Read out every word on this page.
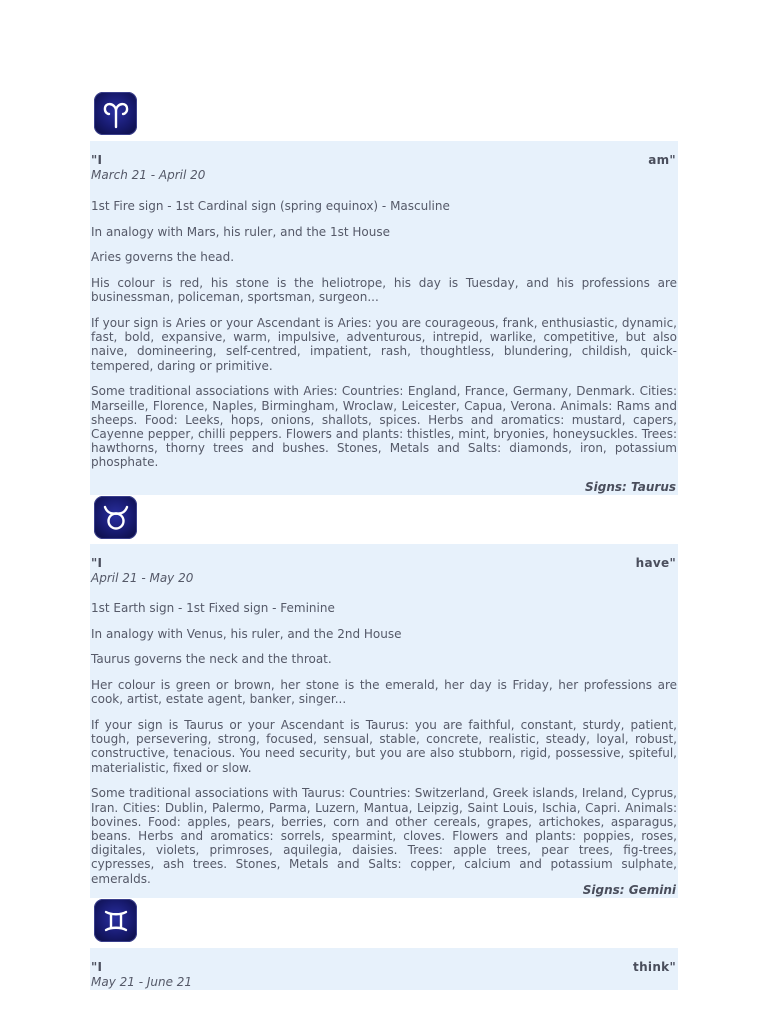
"I	am"
March 21 - April 20

1st Fire sign - 1st Cardinal sign (spring equinox) - Masculine

In analogy with Mars, his ruler, and the 1st House

Aries governs the head.

His colour is red, his stone is the heliotrope, his day is Tuesday, and his professions are businessman, policeman, sportsman, surgeon...

If your sign is Aries or your Ascendant is Aries: you are courageous, frank, enthusiastic, dynamic, fast, bold, expansive, warm, impulsive, adventurous, intrepid, warlike, competitive, but also naive, domineering, self-centred, impatient, rash, thoughtless, blundering, childish, quick-tempered, daring or primitive.

Some traditional associations with Aries: Countries: England, France, Germany, Denmark. Cities: Marseille, Florence, Naples, Birmingham, Wroclaw, Leicester, Capua, Verona. Animals: Rams and sheeps. Food: Leeks, hops, onions, shallots, spices. Herbs and aromatics: mustard, capers, Cayenne pepper, chilli peppers. Flowers and plants: thistles, mint, bryonies, honeysuckles. Trees: hawthorns, thorny trees and bushes. Stones, Metals and Salts: diamonds, iron, potassium phosphate.

Signs: Taurus
"I	have"
April 21 - May 20

1st Earth sign - 1st Fixed sign - Feminine

In analogy with Venus, his ruler, and the 2nd House

Taurus governs the neck and the throat.

Her colour is green or brown, her stone is the emerald, her day is Friday, her professions are cook, artist, estate agent, banker, singer...

If your sign is Taurus or your Ascendant is Taurus: you are faithful, constant, sturdy, patient, tough, persevering, strong, focused, sensual, stable, concrete, realistic, steady, loyal, robust, constructive, tenacious. You need security, but you are also stubborn, rigid, possessive, spiteful, materialistic, fixed or slow.

Some traditional associations with Taurus: Countries: Switzerland, Greek islands, Ireland, Cyprus, Iran. Cities: Dublin, Palermo, Parma, Luzern, Mantua, Leipzig, Saint Louis, Ischia, Capri. Animals: bovines. Food: apples, pears, berries, corn and other cereals, grapes, artichokes, asparagus, beans. Herbs and aromatics: sorrels, spearmint, cloves. Flowers and plants: poppies, roses, digitales, violets, primroses, aquilegia, daisies. Trees: apple trees, pear trees, fig-trees, cypresses, ash trees. Stones, Metals and Salts: copper, calcium and potassium sulphate, emeralds.

Signs: Gemini
"I	think"
May 21 - June 21
